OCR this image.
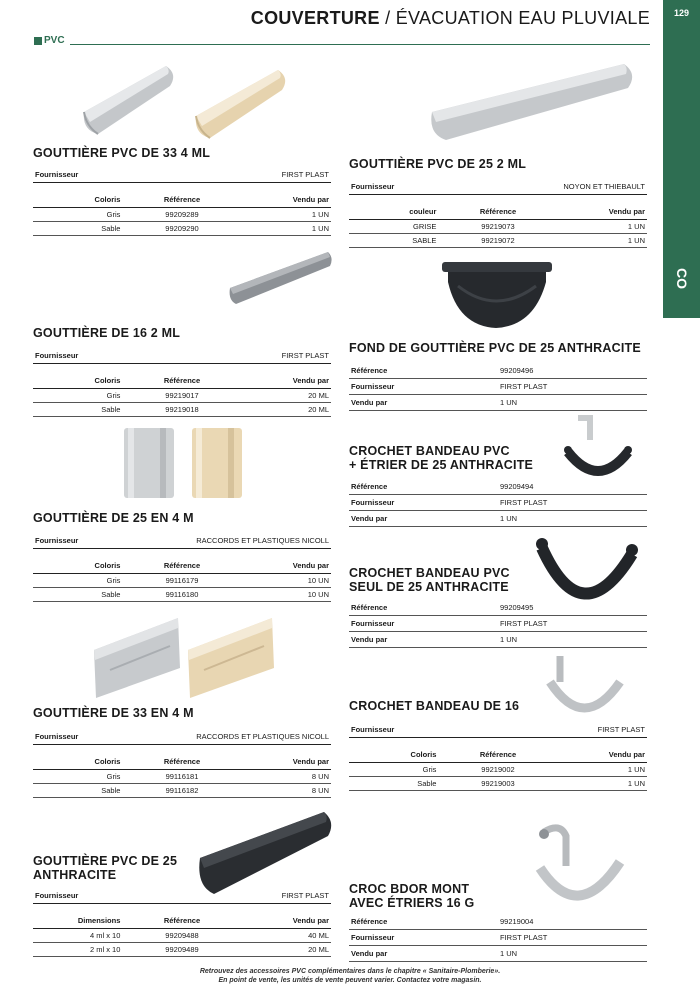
COUVERTURE / ÉVACUATION EAU PLUVIALE	129
CO
PVC
GOUTTIÈRE PVC DE 33 4 ML
Fournisseur	FIRST PLAST
Coloris	Référence	Vendu par
Gris	99209289	1 UN
Sable	99209290	1 UN
GOUTTIÈRE DE 16 2 ML
Fournisseur	FIRST PLAST
Coloris	Référence	Vendu par
Gris	99219017	20 ML
Sable	99219018	20 ML
GOUTTIÈRE DE 25 EN 4 M
Fournisseur	RACCORDS ET PLASTIQUES NICOLL
Coloris	Référence	Vendu par
Gris	99116179	10 UN
Sable	99116180	10 UN
GOUTTIÈRE DE 33 EN 4 M
Fournisseur	RACCORDS ET PLASTIQUES NICOLL
Coloris	Référence	Vendu par
Gris	99116181	8 UN
Sable	99116182	8 UN
GOUTTIÈRE PVC DE 25
ANTHRACITE
Fournisseur	FIRST PLAST
Dimensions	Référence	Vendu par
4 ml x 10	99209488	40 ML
2 ml x 10	99209489	20 ML
GOUTTIÈRE PVC DE 25 2 ML
Fournisseur	NOYON ET THIEBAULT
couleur	Référence	Vendu par
GRISE	99219073	1 UN
SABLE	99219072	1 UN
FOND DE GOUTTIÈRE PVC DE 25 ANTHRACITE
Référence	99209496
Fournisseur	FIRST PLAST
Vendu par	1 UN
CROCHET BANDEAU PVC
+ ÉTRIER DE 25 ANTHRACITE
Référence	99209494
Fournisseur	FIRST PLAST
Vendu par	1 UN
CROCHET BANDEAU PVC
SEUL DE 25 ANTHRACITE
Référence	99209495
Fournisseur	FIRST PLAST
Vendu par	1 UN
CROCHET BANDEAU DE 16
Fournisseur	FIRST PLAST
Coloris	Référence	Vendu par
Gris	99219002	1 UN
Sable	99219003	1 UN
CROC BDOR MONT
AVEC ÉTRIERS 16 G
Référence	99219004
Fournisseur	FIRST PLAST
Vendu par	1 UN
Retrouvez des accessoires PVC complémentaires dans le chapitre « Sanitaire-Plomberie».
En point de vente, les unités de vente peuvent varier. Contactez votre magasin.
